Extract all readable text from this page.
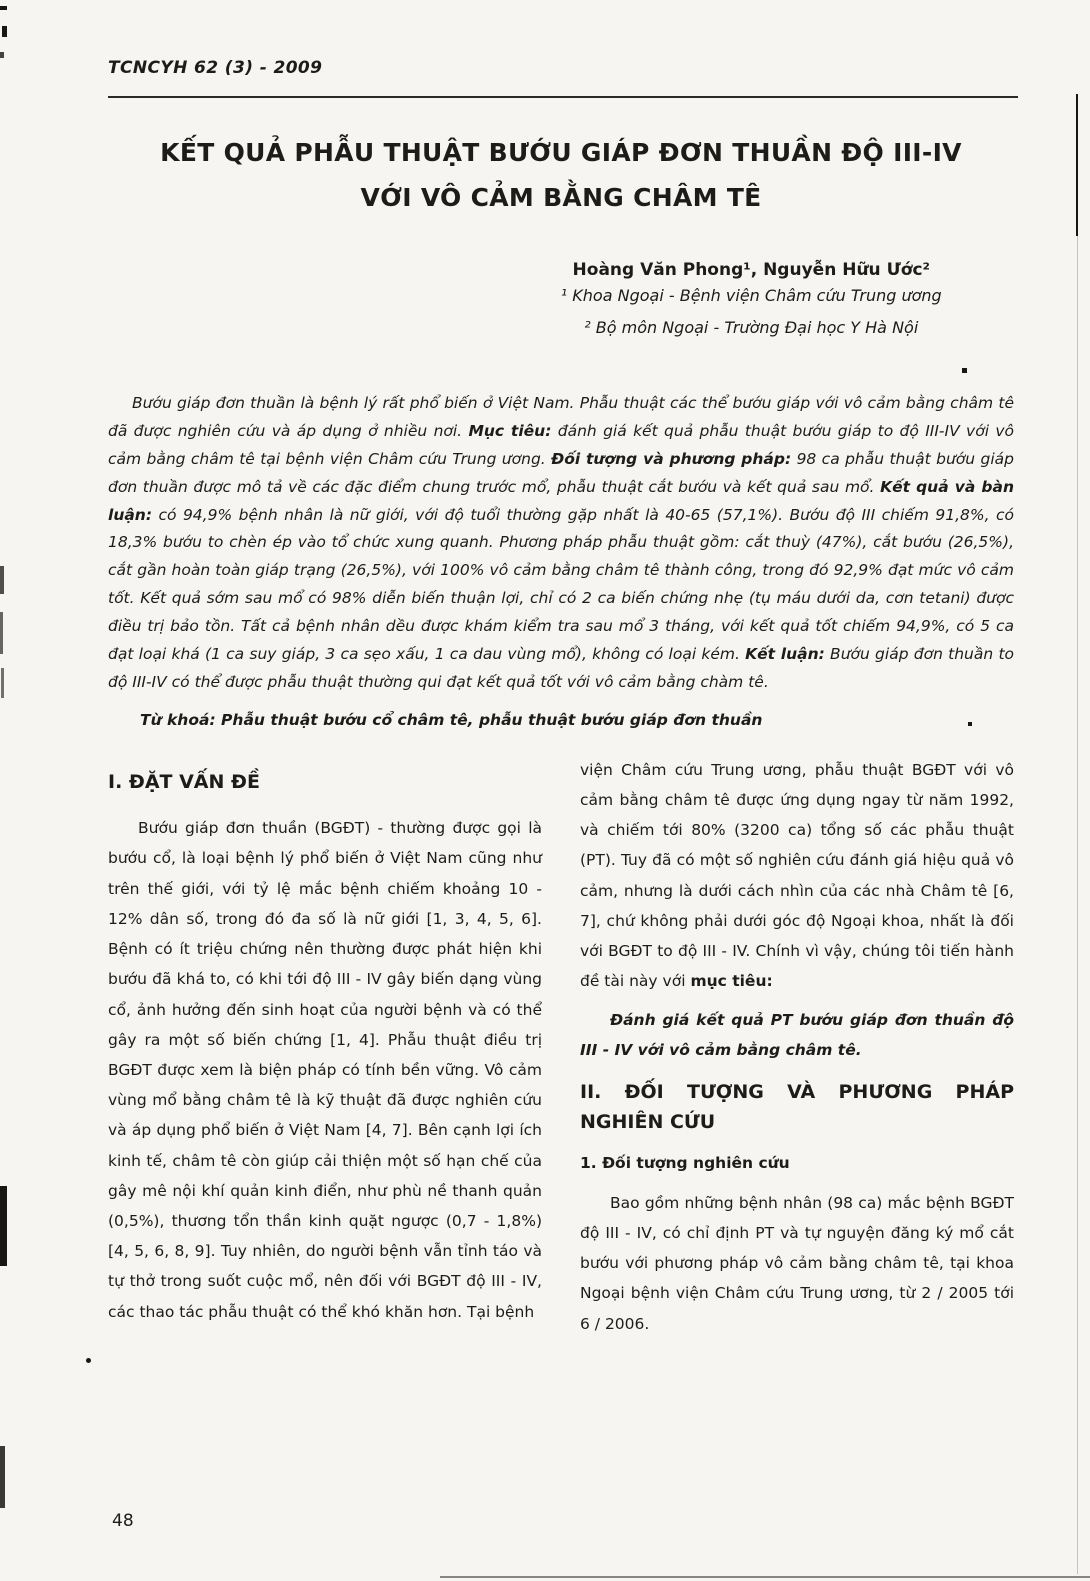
TCNCYH 62 (3) - 2009
KẾT QUẢ PHẪU THUẬT BƯỚU GIÁP ĐƠN THUẦN ĐỘ III-IV
VỚI VÔ CẢM BẰNG CHÂM TÊ
Hoàng Văn Phong¹, Nguyễn Hữu Ước²
¹ Khoa Ngoại - Bệnh viện Châm cứu Trung ương
² Bộ môn Ngoại - Trường Đại học Y Hà Nội

Bướu giáp đơn thuần là bệnh lý rất phổ biến ở Việt Nam. Phẫu thuật các thể bướu giáp với vô cảm bằng châm tê đã được nghiên cứu và áp dụng ở nhiều nơi. Mục tiêu: đánh giá kết quả phẫu thuật bướu giáp to độ III-IV với vô cảm bằng châm tê tại bệnh viện Châm cứu Trung ương. Đối tượng và phương pháp: 98 ca phẫu thuật bướu giáp đơn thuần được mô tả về các đặc điểm chung trước mổ, phẫu thuật cắt bướu và kết quả sau mổ. Kết quả và bàn luận: có 94,9% bệnh nhân là nữ giới, với độ tuổi thường gặp nhất là 40-65 (57,1%). Bướu độ III chiếm 91,8%, có 18,3% bướu to chèn ép vào tổ chức xung quanh. Phương pháp phẫu thuật gồm: cắt thuỳ (47%), cắt bướu (26,5%), cắt gần hoàn toàn giáp trạng (26,5%), với 100% vô cảm bằng châm tê thành công, trong đó 92,9% đạt mức vô cảm tốt. Kết quả sớm sau mổ có 98% diễn biến thuận lợi, chỉ có 2 ca biến chứng nhẹ (tụ máu dưới da, cơn tetani) được điều trị bảo tồn. Tất cả bệnh nhân dều được khám kiểm tra sau mổ 3 tháng, với kết quả tốt chiếm 94,9%, có 5 ca đạt loại khá (1 ca suy giáp, 3 ca sẹo xấu, 1 ca dau vùng mổ), không có loại kém. Kết luận: Bướu giáp đơn thuần to độ III-IV có thể được phẫu thuật thường qui đạt kết quả tốt với vô cảm bằng chàm tê.

Từ khoá: Phẫu thuật bướu cổ châm tê, phẫu thuật bướu giáp đơn thuần

I. ĐẶT VẤN ĐỀ

Bướu giáp đơn thuần (BGĐT) - thường được gọi là bướu cổ, là loại bệnh lý phổ biến ở Việt Nam cũng như trên thế giới, với tỷ lệ mắc bệnh chiếm khoảng 10 - 12% dân số, trong đó đa số là nữ giới [1, 3, 4, 5, 6]. Bệnh có ít triệu chứng nên thường được phát hiện khi bướu đã khá to, có khi tới độ III - IV gây biến dạng vùng cổ, ảnh hưởng đến sinh hoạt của người bệnh và có thể gây ra một số biến chứng [1, 4]. Phẫu thuật điều trị BGĐT được xem là biện pháp có tính bền vững. Vô cảm vùng mổ bằng châm tê là kỹ thuật đã được nghiên cứu và áp dụng phổ biến ở Việt Nam [4, 7]. Bên cạnh lợi ích kinh tế, châm tê còn giúp cải thiện một số hạn chế của gây mê nội khí quản kinh điển, như phù nề thanh quản (0,5%), thương tổn thần kinh quặt ngược (0,7 - 1,8%) [4, 5, 6, 8, 9]. Tuy nhiên, do người bệnh vẫn tỉnh táo và tự thở trong suốt cuộc mổ, nên đối với BGĐT độ III - IV, các thao tác phẫu thuật có thể khó khăn hơn. Tại bệnh

viện Châm cứu Trung ương, phẫu thuật BGĐT với vô cảm bằng châm tê được ứng dụng ngay từ năm 1992, và chiếm tới 80% (3200 ca) tổng số các phẫu thuật (PT). Tuy đã có một số nghiên cứu đánh giá hiệu quả vô cảm, nhưng là dưới cách nhìn của các nhà Châm tê [6, 7], chứ không phải dưới góc độ Ngoại khoa, nhất là đối với BGĐT to độ III - IV. Chính vì vậy, chúng tôi tiến hành đề tài này với mục tiêu:

Đánh giá kết quả PT bướu giáp đơn thuần độ III - IV với vô cảm bằng châm tê.

II. ĐỐI TƯỢNG VÀ PHƯƠNG PHÁP NGHIÊN CỨU
1. Đối tượng nghiên cứu

Bao gồm những bệnh nhân (98 ca) mắc bệnh BGĐT độ III - IV, có chỉ định PT và tự nguyện đăng ký mổ cắt bướu với phương pháp vô cảm bằng châm tê, tại khoa Ngoại bệnh viện Châm cứu Trung ương, từ 2 / 2005 tới 6 / 2006.

48
